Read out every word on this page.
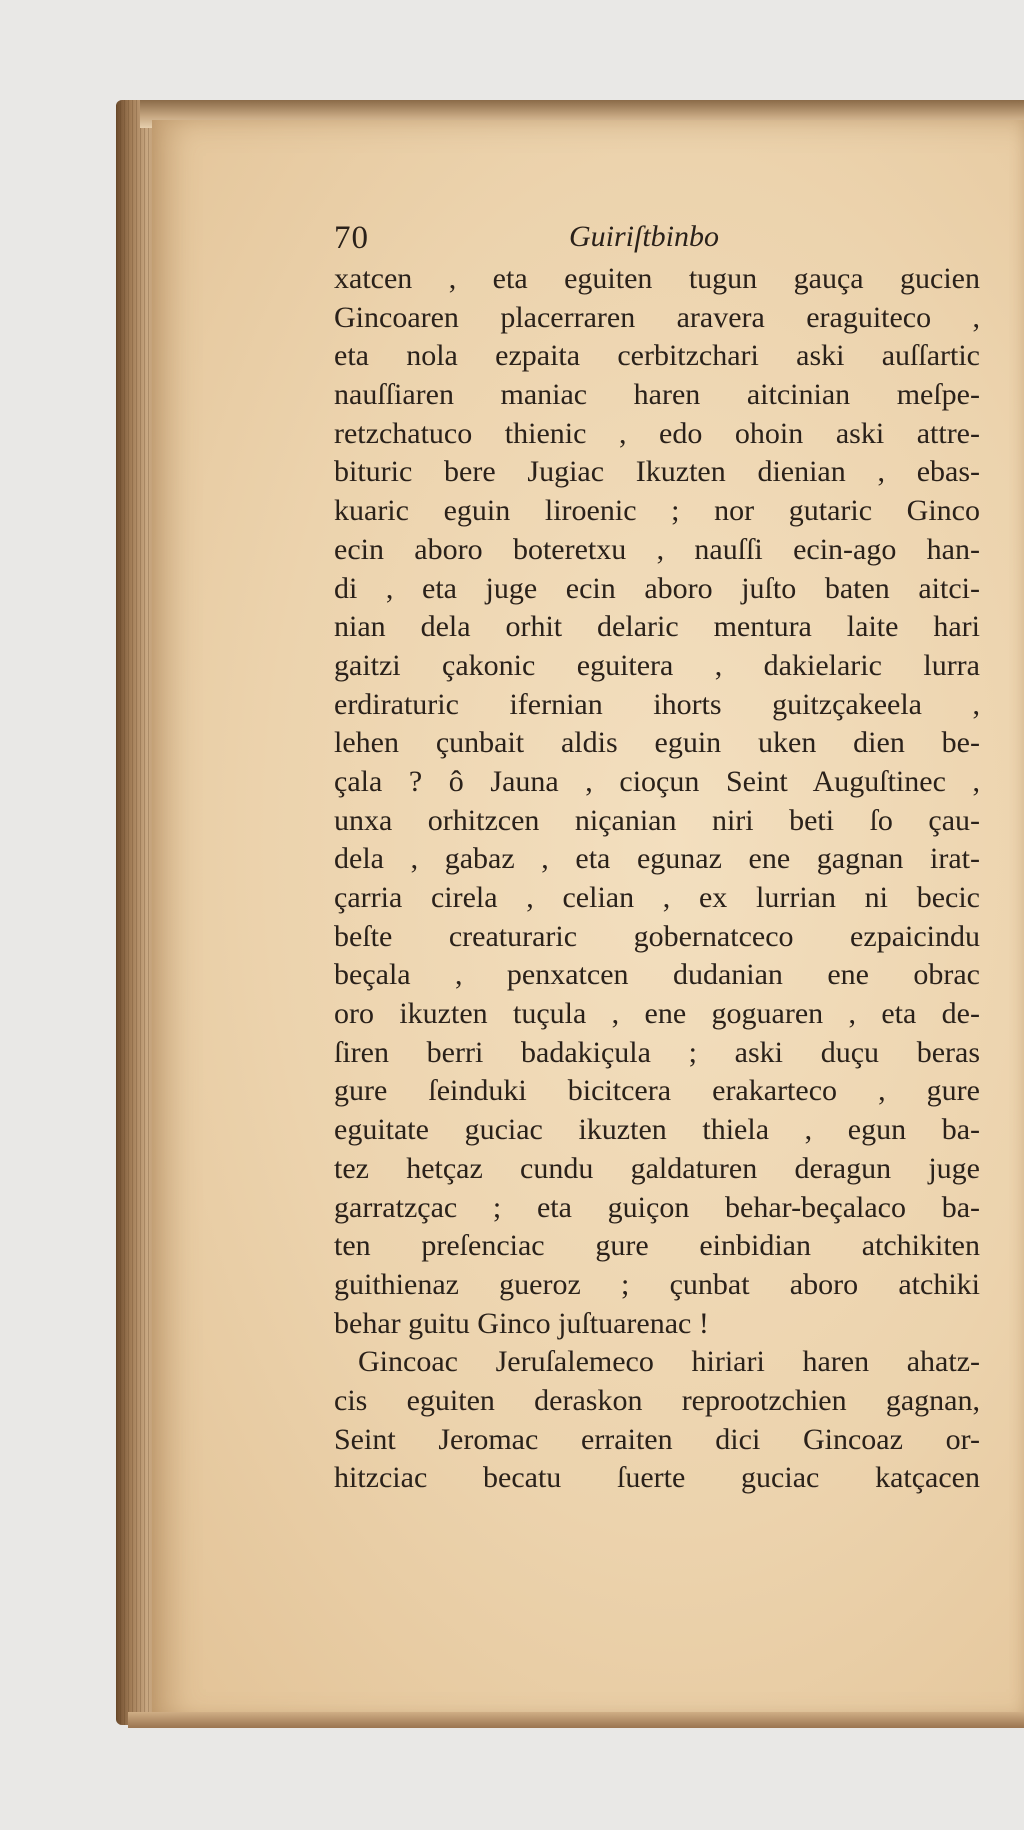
70	Guiriſtbinbo
xatcen , eta eguiten tugun gauça gucien
Gincoaren placerraren aravera eraguiteco ,
eta nola ezpaita cerbitzchari aski auſſartic
nauſſiaren maniac haren aitcinian meſpe-
retzchatuco thienic , edo ohoin aski attre-
bituric bere Jugiac Ikuzten dienian , ebas-
kuaric eguin liroenic ; nor gutaric Ginco
ecin aboro boteretxu , nauſſi ecin-ago han-
di , eta juge ecin aboro juſto baten aitci-
nian dela orhit delaric mentura laite hari
gaitzi çakonic eguitera , dakielaric lurra
erdiraturic ifernian ihorts guitzçakeela ,
lehen çunbait aldis eguin uken dien be-
çala ? ô Jauna , cioçun Seint Auguſtinec ,
unxa orhitzcen niçanian niri beti ſo çau-
dela , gabaz , eta egunaz ene gagnan irat-
çarria cirela , celian , ex lurrian ni becic
beſte creaturaric gobernatceco ezpaicindu
beçala , penxatcen dudanian ene obrac
oro ikuzten tuçula , ene goguaren , eta de-
ſiren berri badakiçula ; aski duçu beras
gure ſeinduki bicitcera erakarteco , gure
eguitate guciac ikuzten thiela , egun ba-
tez hetçaz cundu galdaturen deragun juge
garratzçac ; eta guiçon behar-beçalaco ba-
ten preſenciac gure einbidian atchikiten
guithienaz gueroz ; çunbat aboro atchiki
behar guitu Ginco juſtuarenac !
Gincoac Jeruſalemeco hiriari haren ahatz-
cis eguiten deraskon reprootzchien gagnan,
Seint Jeromac erraiten dici Gincoaz or-
hitzciac becatu ſuerte guciac katçacen
